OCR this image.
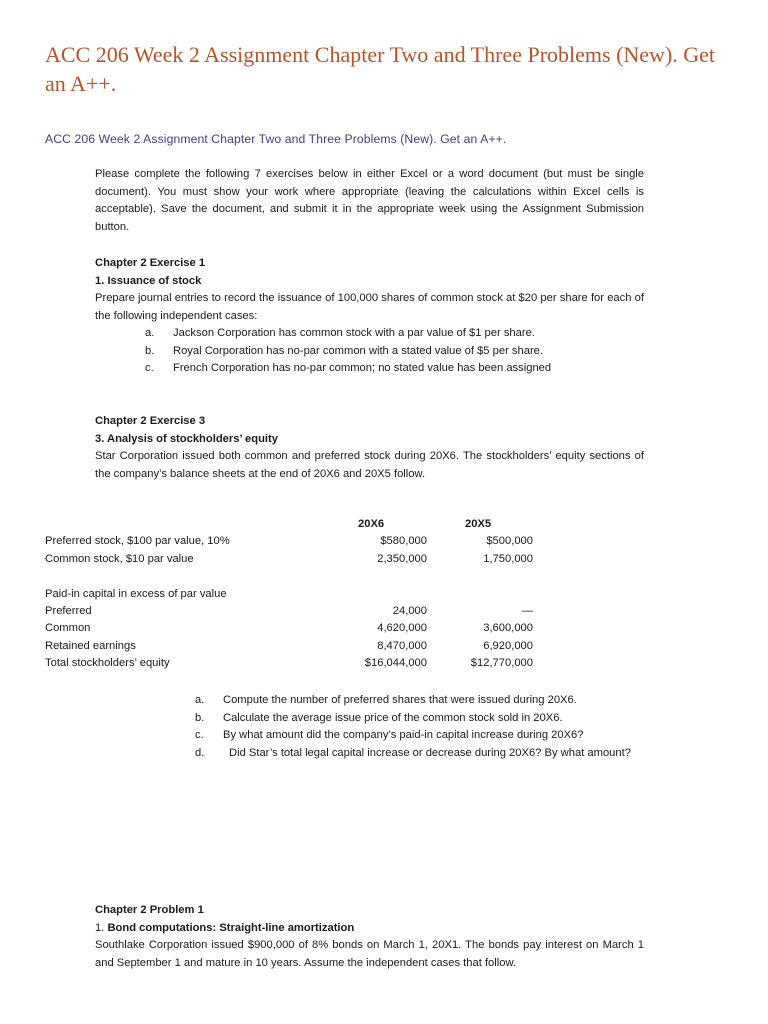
ACC 206 Week 2 Assignment Chapter Two and Three Problems (New). Get an A++.
ACC 206 Week 2 Assignment Chapter Two and Three Problems (New). Get an A++.
Please complete the following 7 exercises below in either Excel or a word document (but must be single document). You must show your work where appropriate (leaving the calculations within Excel cells is acceptable). Save the document, and submit it in the appropriate week using the Assignment Submission button.
Chapter 2 Exercise 1
1. Issuance of stock
Prepare journal entries to record the issuance of 100,000 shares of common stock at $20 per share for each of the following independent cases:
a.	Jackson Corporation has common stock with a par value of $1 per share.
b.	Royal Corporation has no-par common with a stated value of $5 per share.
c.	French Corporation has no-par common; no stated value has been assigned
Chapter 2 Exercise 3
3. Analysis of stockholders’ equity
Star Corporation issued both common and preferred stock during 20X6. The stockholders’ equity sections of the company’s balance sheets at the end of 20X6 and 20X5 follow.
20X6	20X5
Preferred stock, $100 par value, 10%	$580,000	$500,000
Common stock, $10 par value	2,350,000	1,750,000
Paid-in capital in excess of par value
Preferred	24,000	—
Common	4,620,000	3,600,000
Retained earnings	8,470,000	6,920,000
Total stockholders’ equity	$16,044,000	$12,770,000
a.	Compute the number of preferred shares that were issued during 20X6.
b.	Calculate the average issue price of the common stock sold in 20X6.
c.	By what amount did the company’s paid-in capital increase during 20X6?
d. Did Star’s total legal capital increase or decrease during 20X6? By what amount?
Chapter 2 Problem 1
1. Bond computations: Straight-line amortization
Southlake Corporation issued $900,000 of 8% bonds on March 1, 20X1. The bonds pay interest on March 1 and September 1 and mature in 10 years. Assume the independent cases that follow.
